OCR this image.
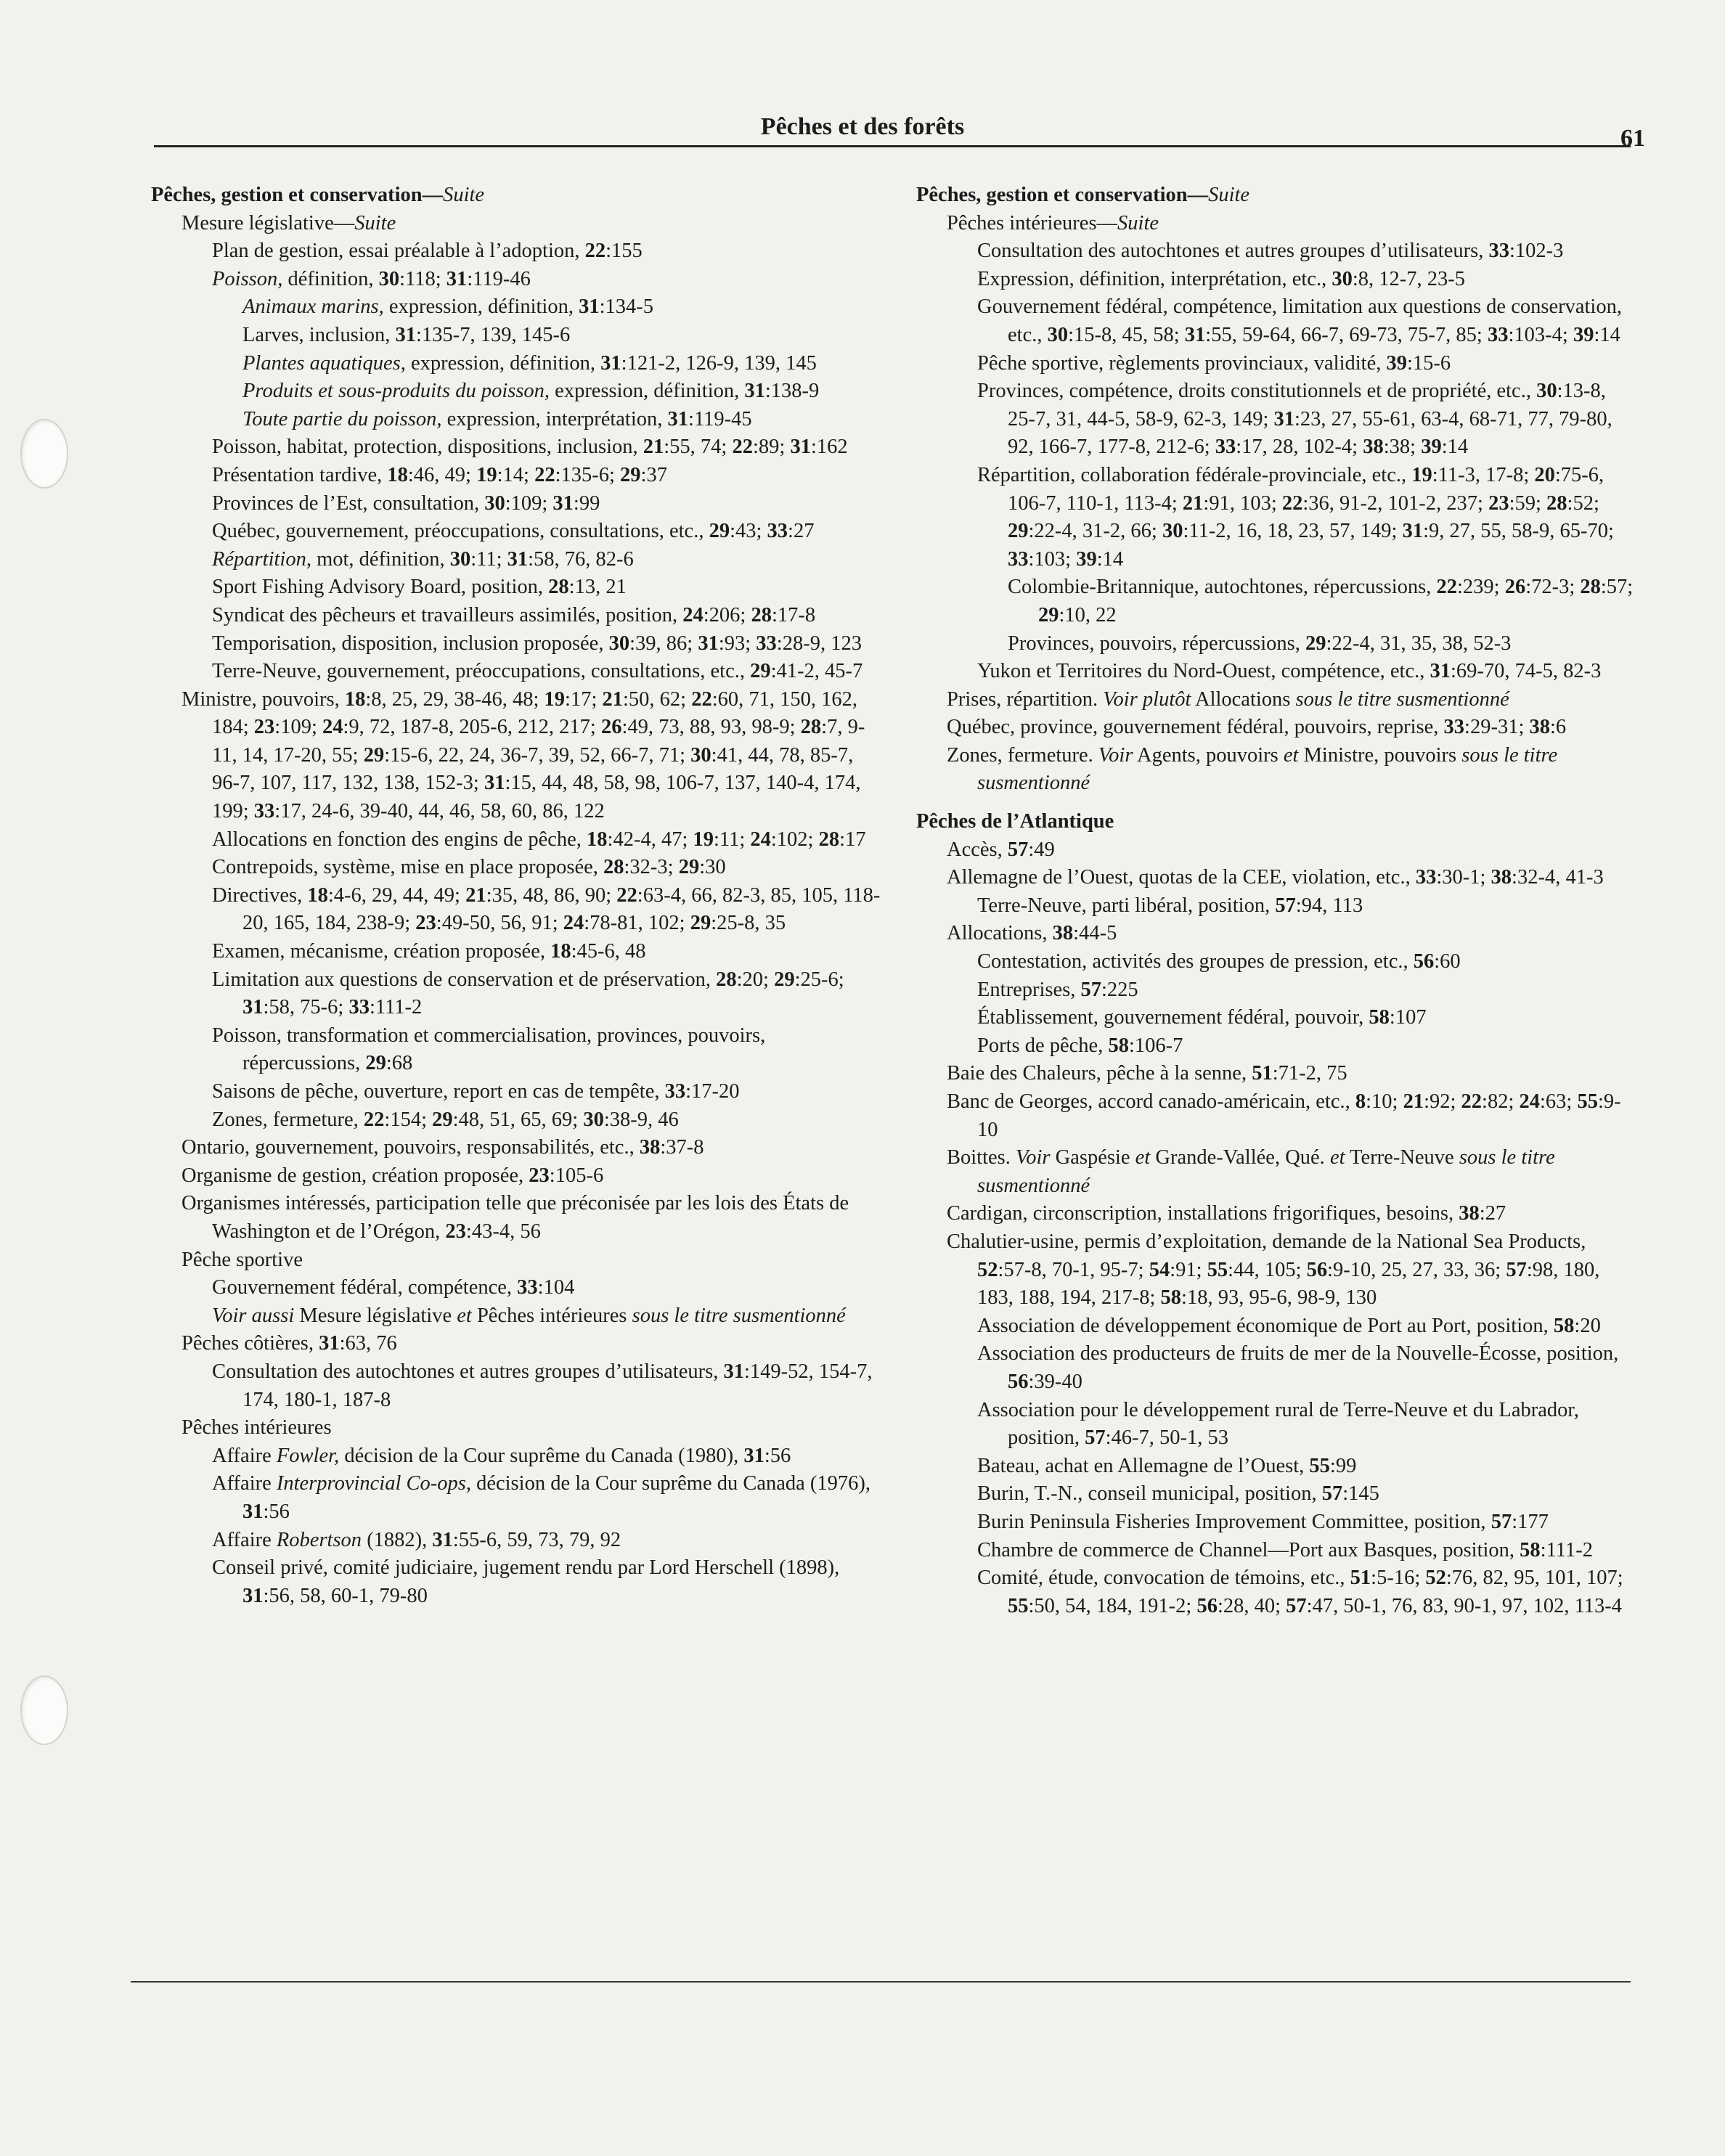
Pêches et des forêts	61

Pêches, gestion et conservation—Suite

Mesure législative—Suite

Plan de gestion, essai préalable à l’adoption, 22:155

Poisson, définition, 30:118; 31:119-46

Animaux marins, expression, définition, 31:134-5

Larves, inclusion, 31:135-7, 139, 145-6

Plantes aquatiques, expression, définition, 31:121-2, 126-9, 139, 145

Produits et sous-produits du poisson, expression, définition, 31:138-9

Toute partie du poisson, expression, interprétation, 31:119-45

Poisson, habitat, protection, dispositions, inclusion, 21:55, 74; 22:89; 31:162

Présentation tardive, 18:46, 49; 19:14; 22:135-6; 29:37

Provinces de l’Est, consultation, 30:109; 31:99

Québec, gouvernement, préoccupations, consultations, etc., 29:43; 33:27

Répartition, mot, définition, 30:11; 31:58, 76, 82-6

Sport Fishing Advisory Board, position, 28:13, 21

Syndicat des pêcheurs et travailleurs assimilés, position, 24:206; 28:17-8

Temporisation, disposition, inclusion proposée, 30:39, 86; 31:93; 33:28-9, 123

Terre-Neuve, gouvernement, préoccupations, consultations, etc., 29:41-2, 45-7

Ministre, pouvoirs, 18:8, 25, 29, 38-46, 48; 19:17; 21:50, 62; 22:60, 71, 150, 162, 184; 23:109; 24:9, 72, 187-8, 205-6, 212, 217; 26:49, 73, 88, 93, 98-9; 28:7, 9-11, 14, 17-20, 55; 29:15-6, 22, 24, 36-7, 39, 52, 66-7, 71; 30:41, 44, 78, 85-7, 96-7, 107, 117, 132, 138, 152-3; 31:15, 44, 48, 58, 98, 106-7, 137, 140-4, 174, 199; 33:17, 24-6, 39-40, 44, 46, 58, 60, 86, 122

Allocations en fonction des engins de pêche, 18:42-4, 47; 19:11; 24:102; 28:17

Contrepoids, système, mise en place proposée, 28:32-3; 29:30

Directives, 18:4-6, 29, 44, 49; 21:35, 48, 86, 90; 22:63-4, 66, 82-3, 85, 105, 118-20, 165, 184, 238-9; 23:49-50, 56, 91; 24:78-81, 102; 29:25-8, 35

Examen, mécanisme, création proposée, 18:45-6, 48

Limitation aux questions de conservation et de préservation, 28:20; 29:25-6; 31:58, 75-6; 33:111-2

Poisson, transformation et commercialisation, provinces, pouvoirs, répercussions, 29:68

Saisons de pêche, ouverture, report en cas de tempête, 33:17-20

Zones, fermeture, 22:154; 29:48, 51, 65, 69; 30:38-9, 46

Ontario, gouvernement, pouvoirs, responsabilités, etc., 38:37-8

Organisme de gestion, création proposée, 23:105-6

Organismes intéressés, participation telle que préconisée par les lois des États de Washington et de l’Orégon, 23:43-4, 56

Pêche sportive

Gouvernement fédéral, compétence, 33:104

Voir aussi Mesure législative et Pêches intérieures sous le titre susmentionné

Pêches côtières, 31:63, 76

Consultation des autochtones et autres groupes d’utilisateurs, 31:149-52, 154-7, 174, 180-1, 187-8

Pêches intérieures

Affaire Fowler, décision de la Cour suprême du Canada (1980), 31:56

Affaire Interprovincial Co-ops, décision de la Cour suprême du Canada (1976), 31:56

Affaire Robertson (1882), 31:55-6, 59, 73, 79, 92

Conseil privé, comité judiciaire, jugement rendu par Lord Herschell (1898), 31:56, 58, 60-1, 79-80

Pêches, gestion et conservation—Suite

Pêches intérieures—Suite

Consultation des autochtones et autres groupes d’utilisateurs, 33:102-3

Expression, définition, interprétation, etc., 30:8, 12-7, 23-5

Gouvernement fédéral, compétence, limitation aux questions de conservation, etc., 30:15-8, 45, 58; 31:55, 59-64, 66-7, 69-73, 75-7, 85; 33:103-4; 39:14

Pêche sportive, règlements provinciaux, validité, 39:15-6

Provinces, compétence, droits constitutionnels et de propriété, etc., 30:13-8, 25-7, 31, 44-5, 58-9, 62-3, 149; 31:23, 27, 55-61, 63-4, 68-71, 77, 79-80, 92, 166-7, 177-8, 212-6; 33:17, 28, 102-4; 38:38; 39:14

Répartition, collaboration fédérale-provinciale, etc., 19:11-3, 17-8; 20:75-6, 106-7, 110-1, 113-4; 21:91, 103; 22:36, 91-2, 101-2, 237; 23:59; 28:52; 29:22-4, 31-2, 66; 30:11-2, 16, 18, 23, 57, 149; 31:9, 27, 55, 58-9, 65-70; 33:103; 39:14

Colombie-Britannique, autochtones, répercussions, 22:239; 26:72-3; 28:57; 29:10, 22

Provinces, pouvoirs, répercussions, 29:22-4, 31, 35, 38, 52-3

Yukon et Territoires du Nord-Ouest, compétence, etc., 31:69-70, 74-5, 82-3

Prises, répartition. Voir plutôt Allocations sous le titre susmentionné

Québec, province, gouvernement fédéral, pouvoirs, reprise, 33:29-31; 38:6

Zones, fermeture. Voir Agents, pouvoirs et Ministre, pouvoirs sous le titre susmentionné

Pêches de l’Atlantique

Accès, 57:49

Allemagne de l’Ouest, quotas de la CEE, violation, etc., 33:30-1; 38:32-4, 41-3

Terre-Neuve, parti libéral, position, 57:94, 113

Allocations, 38:44-5

Contestation, activités des groupes de pression, etc., 56:60

Entreprises, 57:225

Établissement, gouvernement fédéral, pouvoir, 58:107

Ports de pêche, 58:106-7

Baie des Chaleurs, pêche à la senne, 51:71-2, 75

Banc de Georges, accord canado-américain, etc., 8:10; 21:92; 22:82; 24:63; 55:9-10

Boittes. Voir Gaspésie et Grande-Vallée, Qué. et Terre-Neuve sous le titre susmentionné

Cardigan, circonscription, installations frigorifiques, besoins, 38:27

Chalutier-usine, permis d’exploitation, demande de la National Sea Products, 52:57-8, 70-1, 95-7; 54:91; 55:44, 105; 56:9-10, 25, 27, 33, 36; 57:98, 180, 183, 188, 194, 217-8; 58:18, 93, 95-6, 98-9, 130

Association de développement économique de Port au Port, position, 58:20

Association des producteurs de fruits de mer de la Nouvelle-Écosse, position, 56:39-40

Association pour le développement rural de Terre-Neuve et du Labrador, position, 57:46-7, 50-1, 53

Bateau, achat en Allemagne de l’Ouest, 55:99

Burin, T.-N., conseil municipal, position, 57:145

Burin Peninsula Fisheries Improvement Committee, position, 57:177

Chambre de commerce de Channel—Port aux Basques, position, 58:111-2

Comité, étude, convocation de témoins, etc., 51:5-16; 52:76, 82, 95, 101, 107; 55:50, 54, 184, 191-2; 56:28, 40; 57:47, 50-1, 76, 83, 90-1, 97, 102, 113-4
